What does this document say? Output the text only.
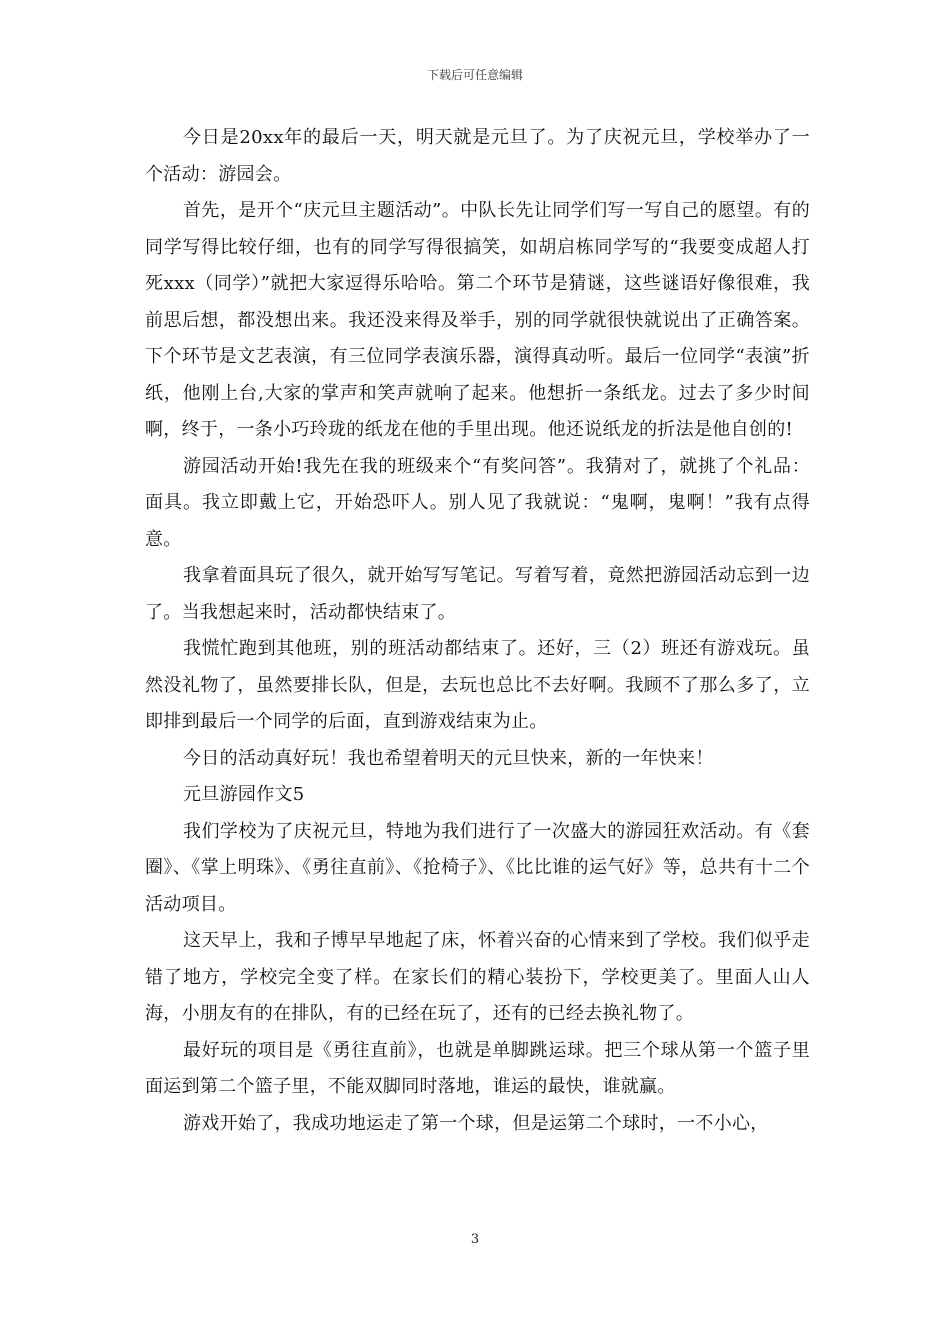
下载后可任意编辑

今日是20xx年的最后一天，明天就是元旦了。为了庆祝元旦，学校举办了一个活动：游园会。

首先，是开个“庆元旦主题活动”。中队长先让同学们写一写自己的愿望。有的同学写得比较仔细，也有的同学写得很搞笑，如胡启栋同学写的“我要变成超人打死xxx（同学）”就把大家逗得乐哈哈。第二个环节是猜谜，这些谜语好像很难，我前思后想，都没想出来。我还没来得及举手，别的同学就很快就说出了正确答案。下个环节是文艺表演，有三位同学表演乐器，演得真动听。最后一位同学“表演”折纸，他刚上台,大家的掌声和笑声就响了起来。他想折一条纸龙。过去了多少时间啊，终于，一条小巧玲珑的纸龙在他的手里出现。他还说纸龙的折法是他自创的!

游园活动开始!我先在我的班级来个“有奖问答”。我猜对了，就挑了个礼品：面具。我立即戴上它，开始恐吓人。别人见了我就说：“鬼啊，鬼啊！”我有点得意。

我拿着面具玩了很久，就开始写写笔记。写着写着，竟然把游园活动忘到一边了。当我想起来时，活动都快结束了。

我慌忙跑到其他班，别的班活动都结束了。还好，三（2）班还有游戏玩。虽然没礼物了，虽然要排长队，但是，去玩也总比不去好啊。我顾不了那么多了，立即排到最后一个同学的后面，直到游戏结束为止。

今日的活动真好玩！我也希望着明天的元旦快来，新的一年快来！

元旦游园作文5

我们学校为了庆祝元旦，特地为我们进行了一次盛大的游园狂欢活动。有《套圈》、《掌上明珠》、《勇往直前》、《抢椅子》、《比比谁的运气好》等，总共有十二个活动项目。

这天早上，我和子博早早地起了床，怀着兴奋的心情来到了学校。我们似乎走错了地方，学校完全变了样。在家长们的精心装扮下，学校更美了。里面人山人海，小朋友有的在排队，有的已经在玩了，还有的已经去换礼物了。

最好玩的项目是《勇往直前》，也就是单脚跳运球。把三个球从第一个篮子里面运到第二个篮子里，不能双脚同时落地，谁运的最快，谁就赢。

游戏开始了，我成功地运走了第一个球，但是运第二个球时，一不小心，

3
